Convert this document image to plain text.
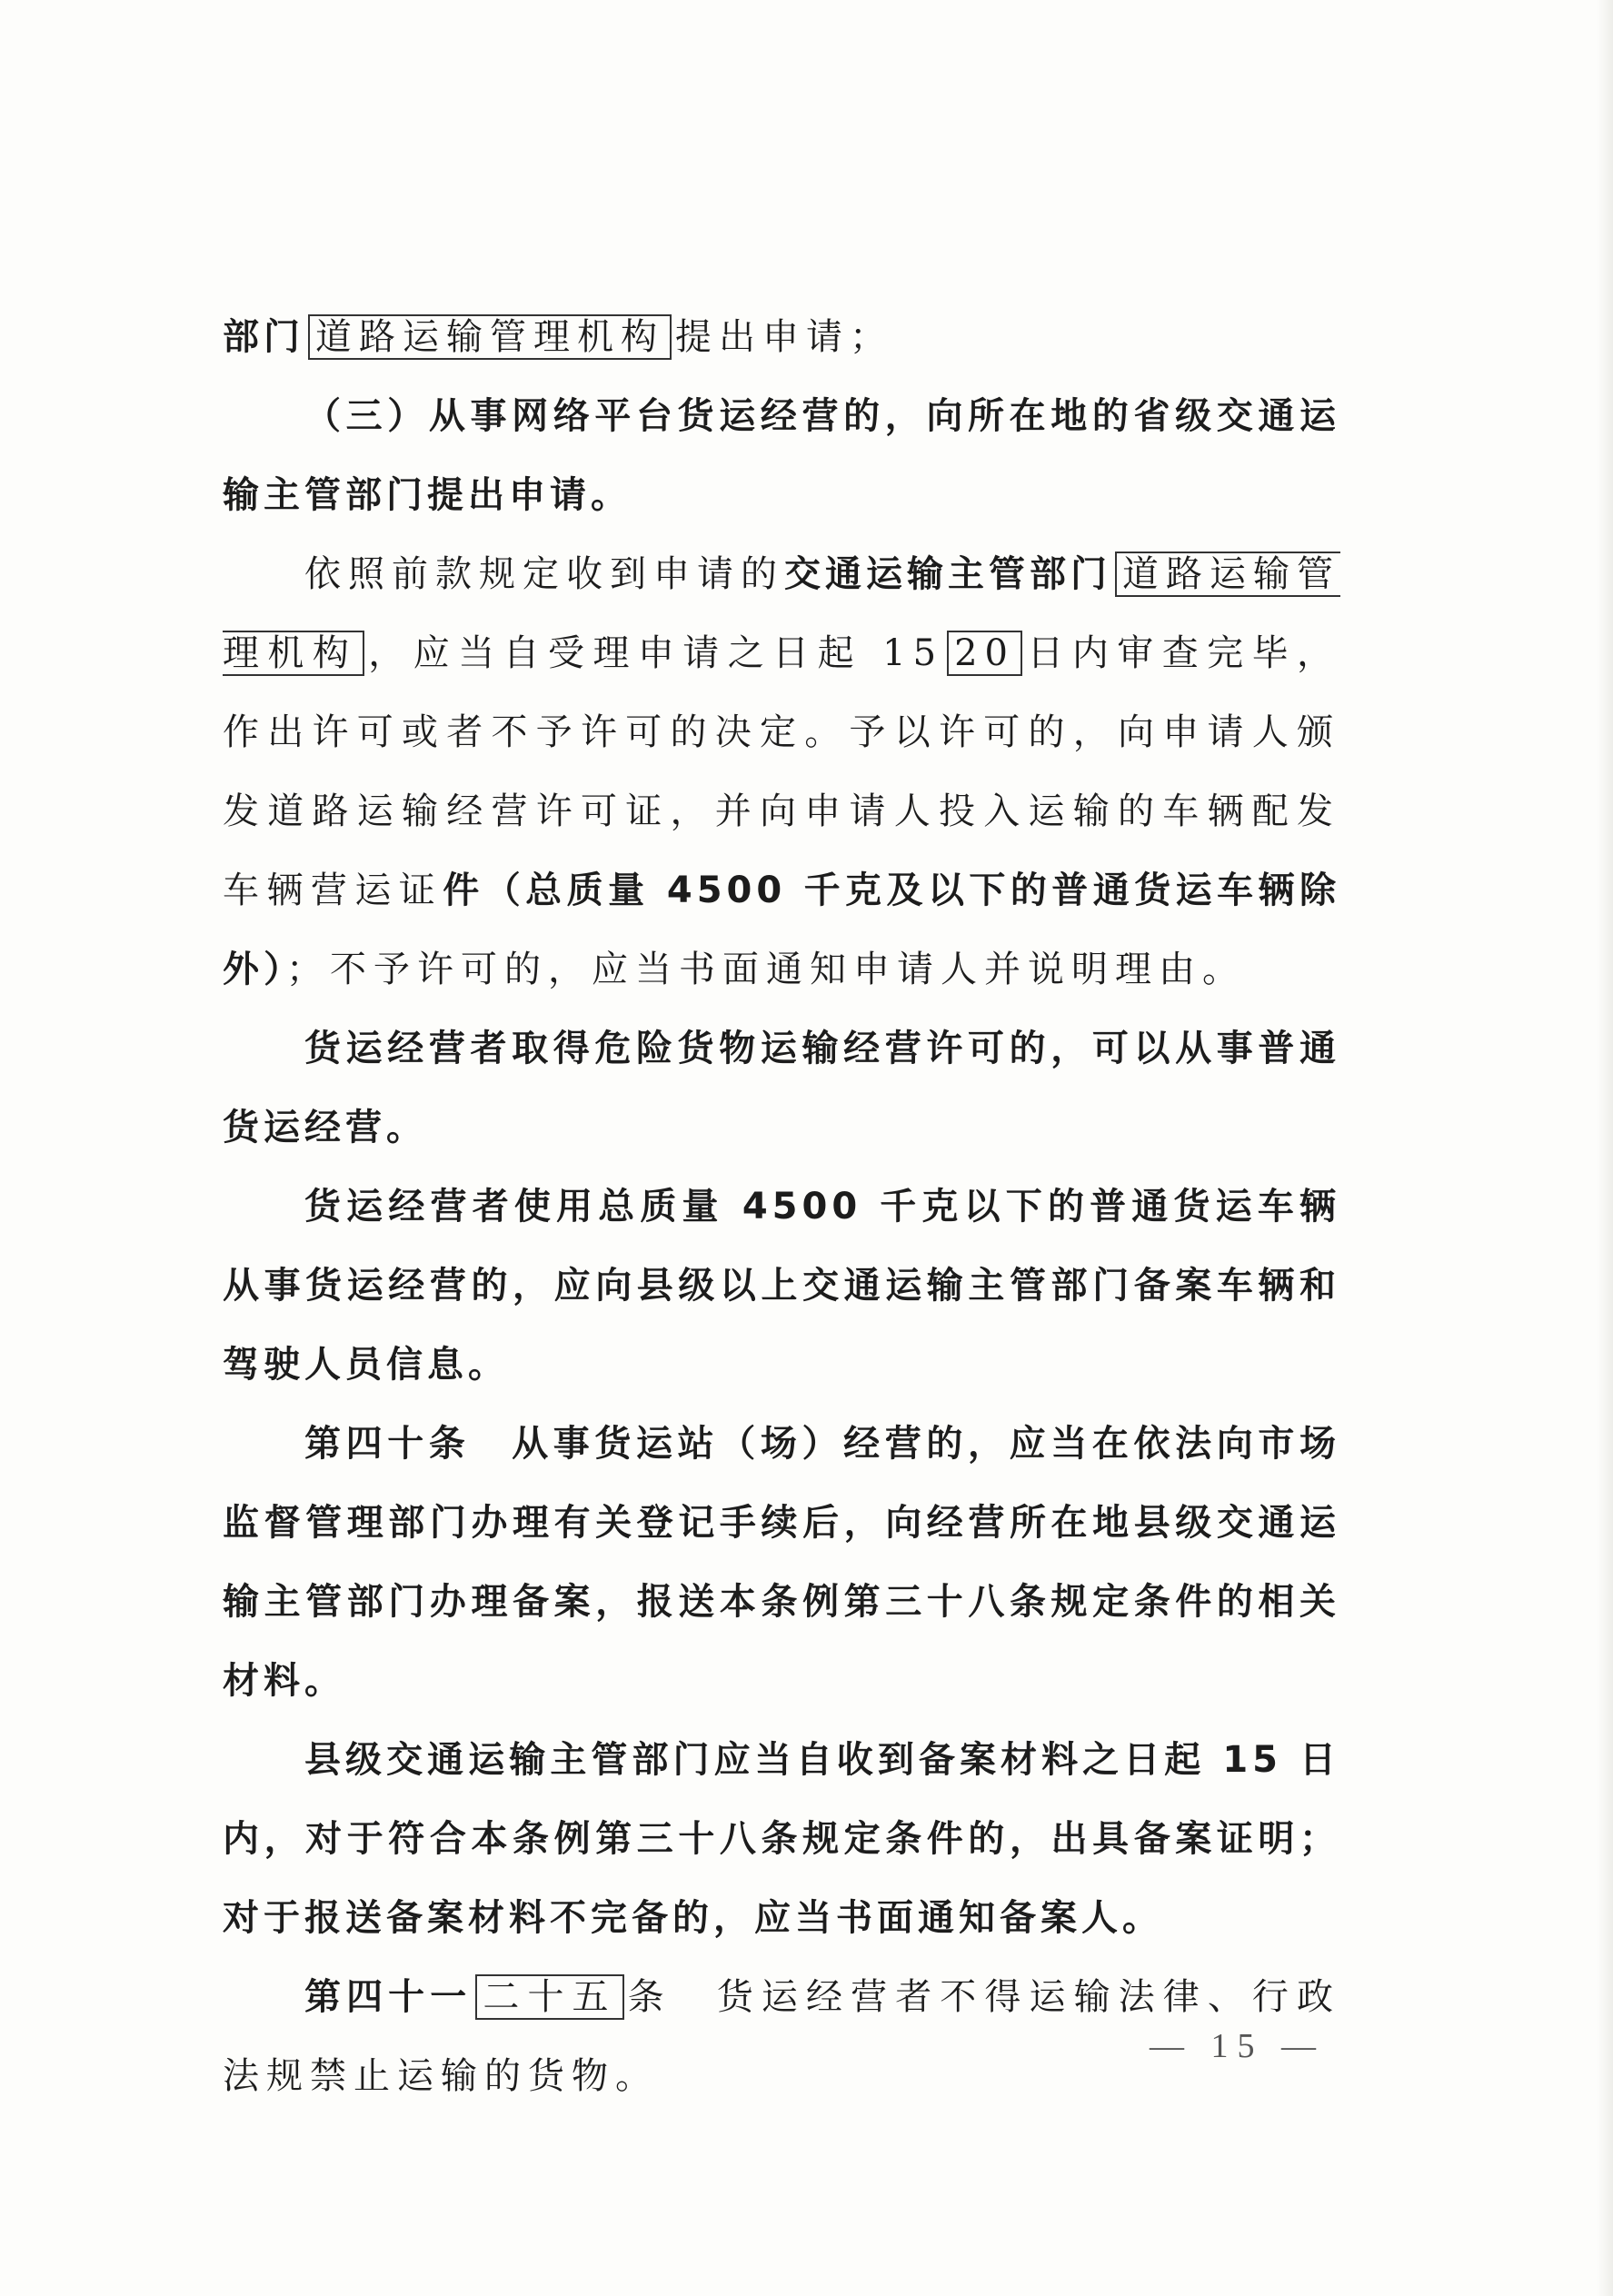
部门 道路运输管理机构 提出申请；

（三）从事网络平台货运经营的，向所在地的省级交通运输主管部门提出申请。

依照前款规定收到申请的交通运输主管部门 道路运输管理机构 ，应当自受理申请之日起 15 20 日内审查完毕，作出许可或者不予许可的决定。予以许可的，向申请人颁发道路运输经营许可证，并向申请人投入运输的车辆配发车辆营运证件（总质量 4500 千克及以下的普通货运车辆除外）；不予许可的，应当书面通知申请人并说明理由。

货运经营者取得危险货物运输经营许可的，可以从事普通货运经营。

货运经营者使用总质量 4500 千克以下的普通货运车辆从事货运经营的，应向县级以上交通运输主管部门备案车辆和驾驶人员信息。

第四十条　从事货运站（场）经营的，应当在依法向市场监督管理部门办理有关登记手续后，向经营所在地县级交通运输主管部门办理备案，报送本条例第三十八条规定条件的相关材料。

县级交通运输主管部门应当自收到备案材料之日起 15 日内，对于符合本条例第三十八条规定条件的，出具备案证明；对于报送备案材料不完备的，应当书面通知备案人。

第四十一 二十五 条　货运经营者不得运输法律、行政法规禁止运输的货物。

— 15 —
